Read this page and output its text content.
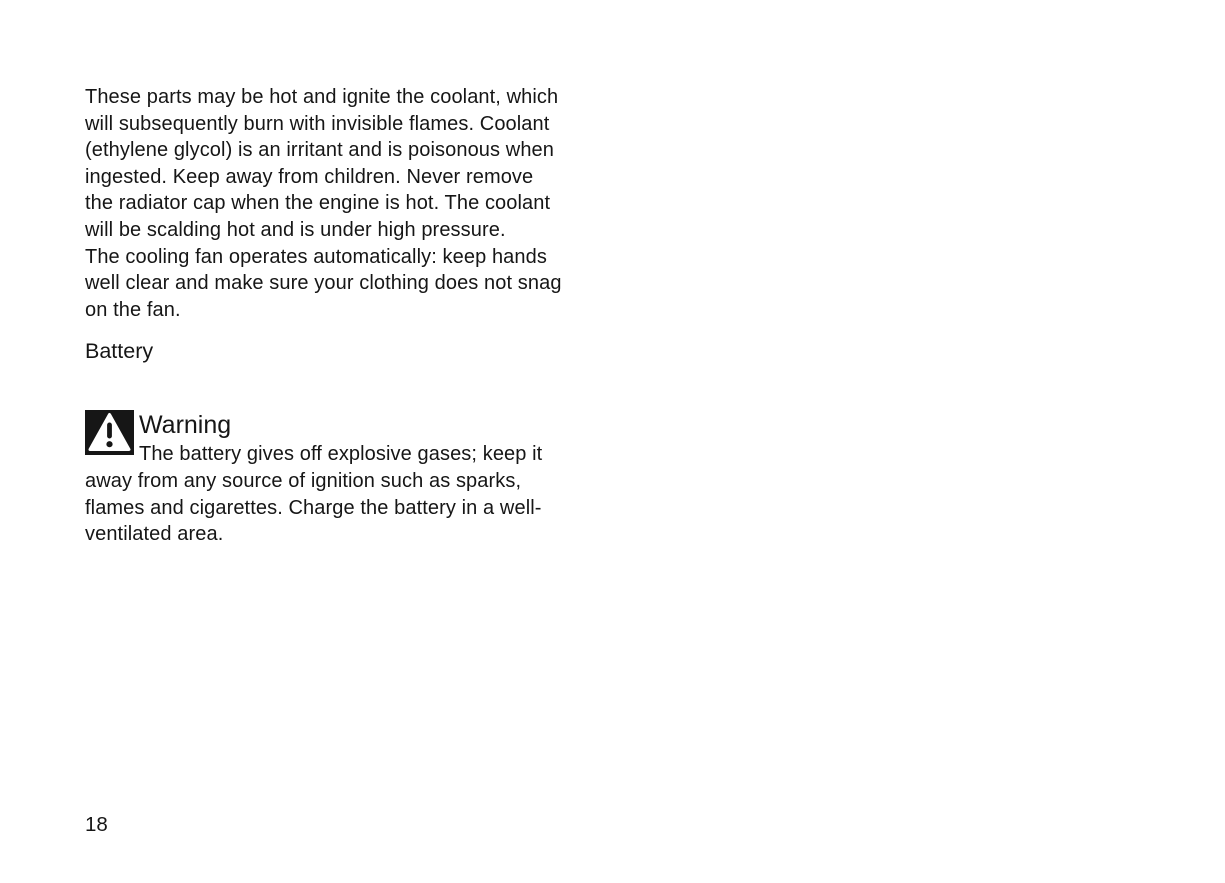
These parts may be hot and ignite the coolant, which
will subsequently burn with invisible flames. Coolant
(ethylene glycol) is an irritant and is poisonous when
ingested. Keep away from children. Never remove
the radiator cap when the engine is hot. The coolant
will be scalding hot and is under high pressure.
The cooling fan operates automatically: keep hands
well clear and make sure your clothing does not snag
on the fan.
Battery
Warning
The battery gives off explosive gases; keep it
away from any source of ignition such as sparks,
flames and cigarettes. Charge the battery in a well-
ventilated area.
18
